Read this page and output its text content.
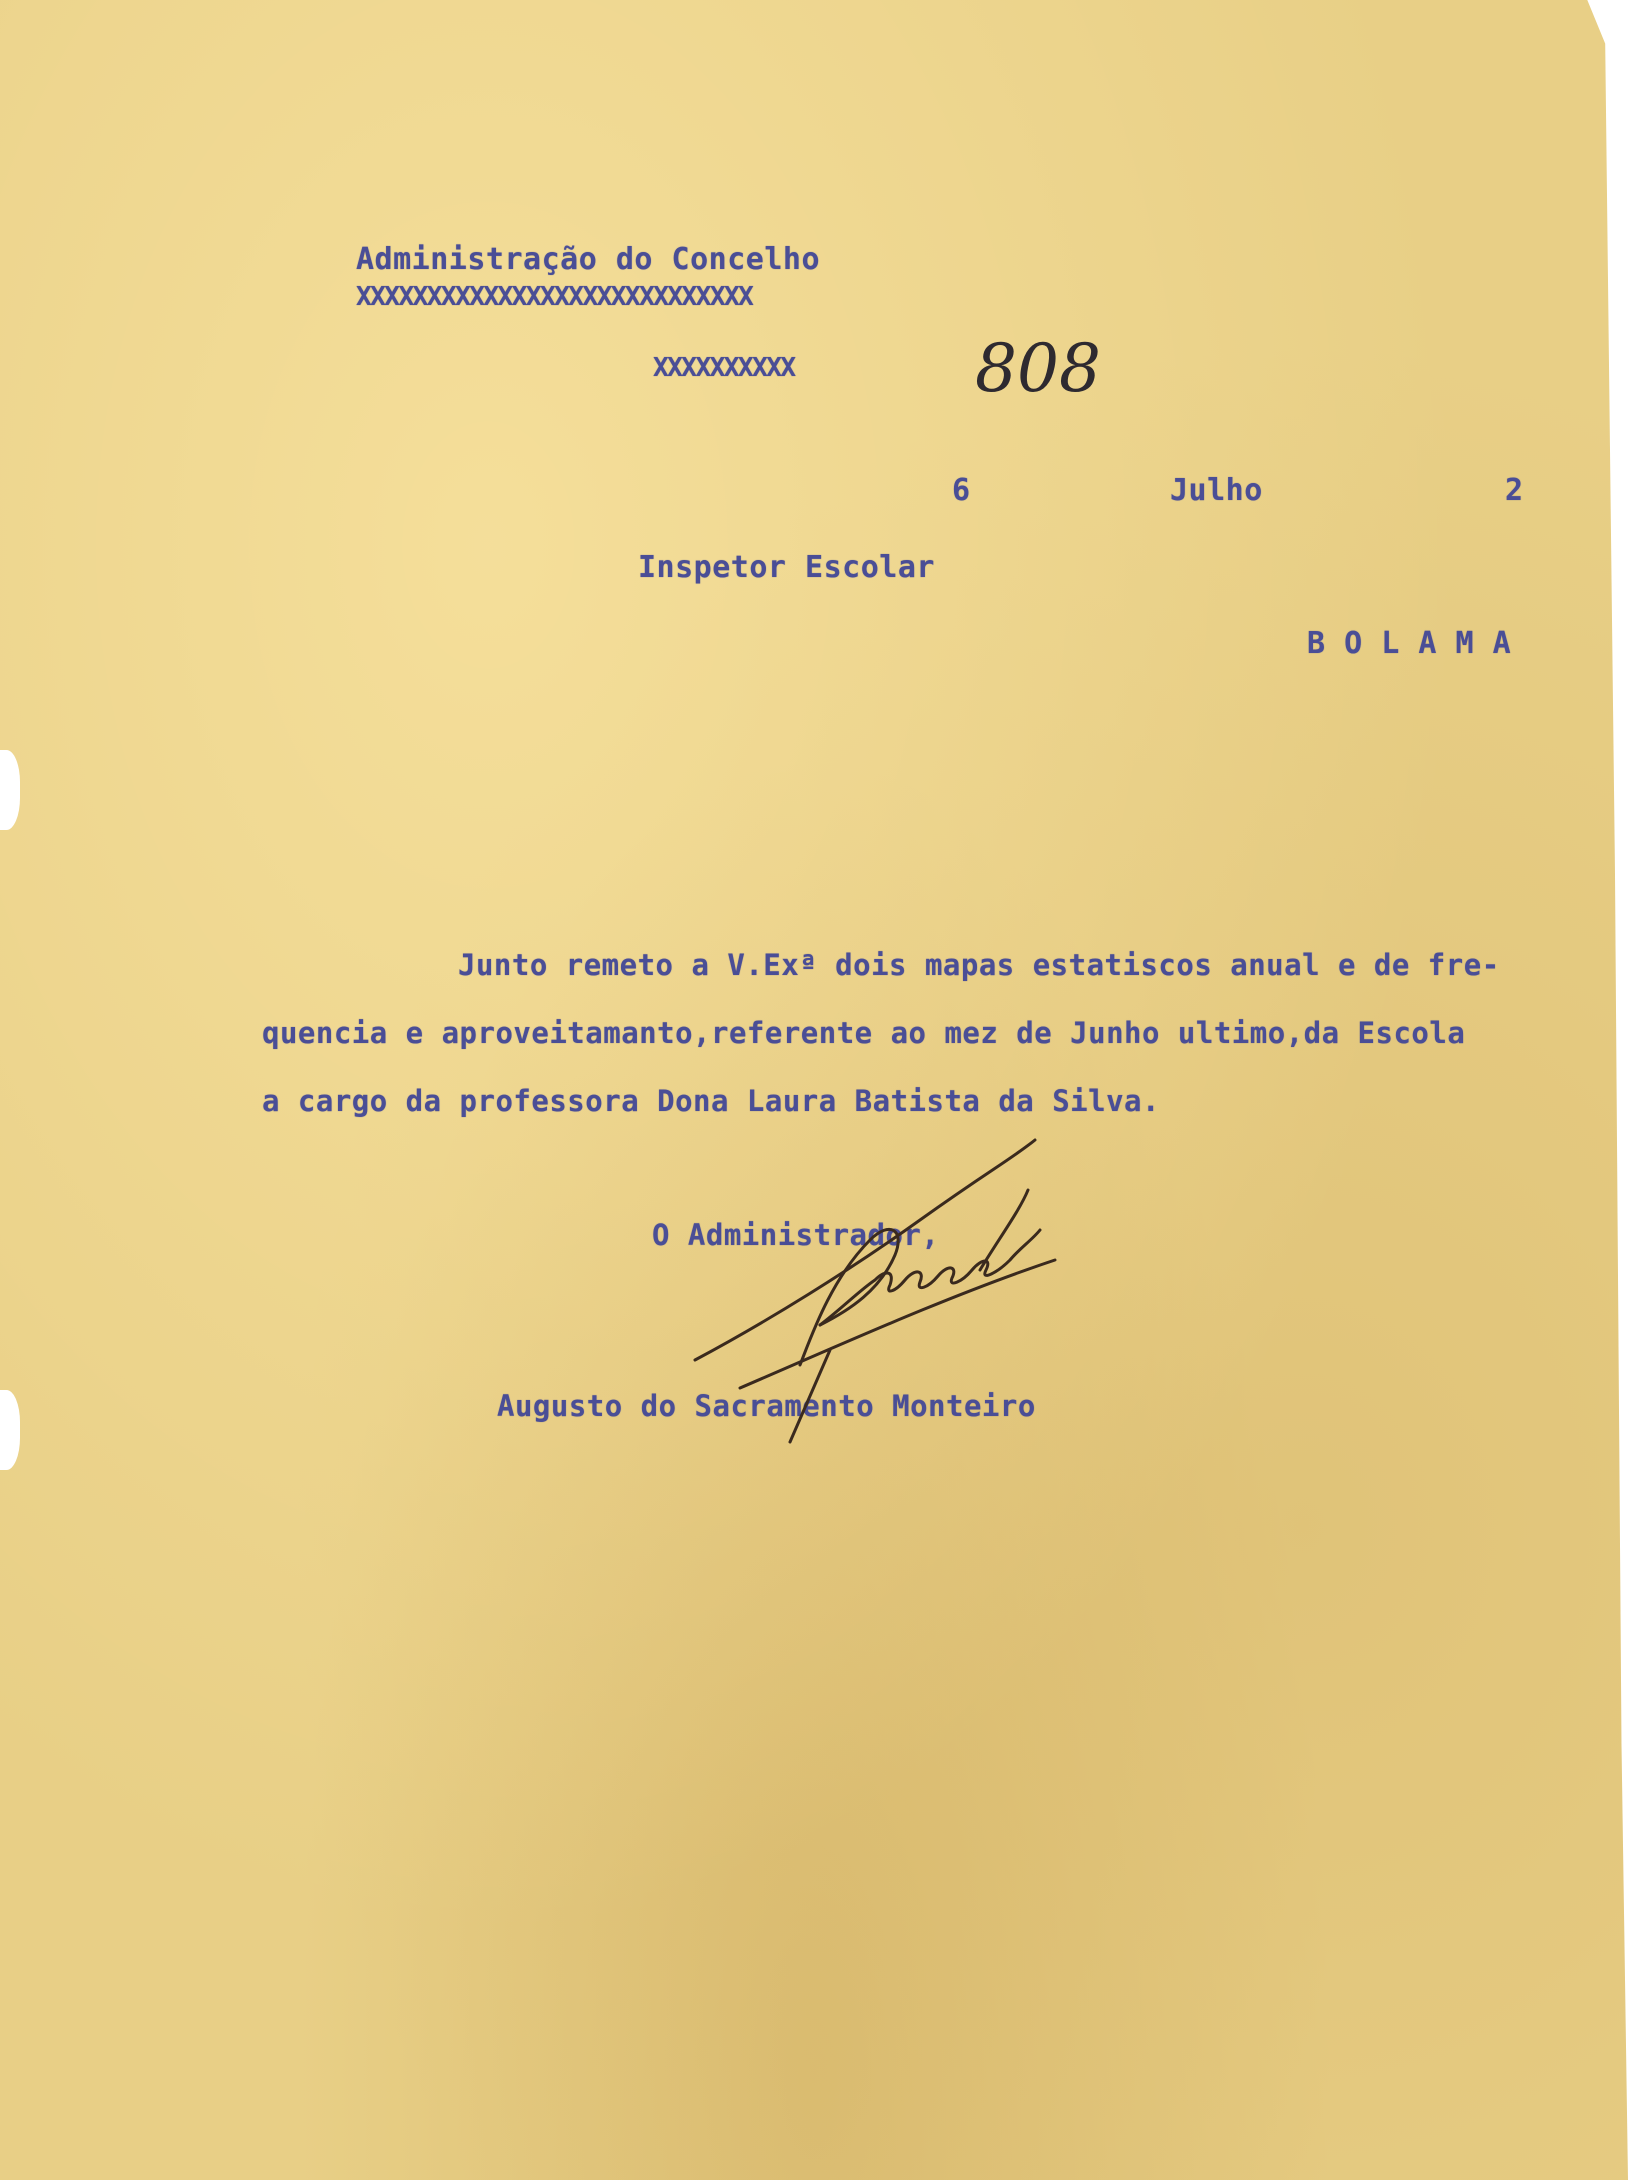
Administração do Concelho
XXXXXXXXXXXXXXXXXXXXXXXXXXXX
XXXXXXXXXX	808
6	Julho	2
Inspetor Escolar
B O L A M A
Junto remeto a V.Exª dois mapas estatiscos anual e de fre-
quencia e aproveitamanto,referente ao mez de Junho ultimo,da Escola
a cargo da professora Dona Laura Batista da Silva.
O Administrador,
Augusto do Sacramento Monteiro
